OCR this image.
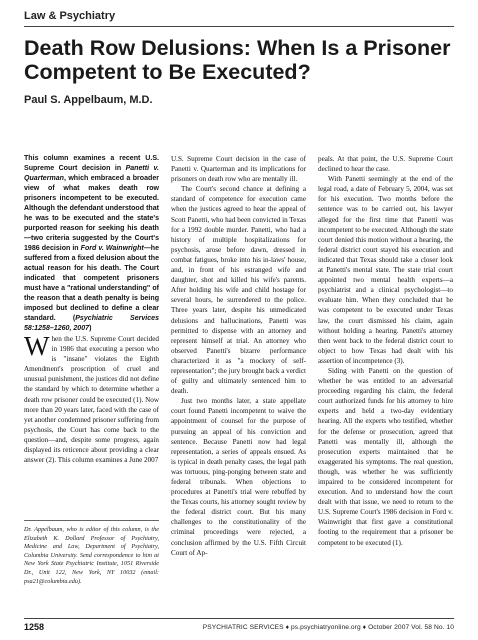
Law & Psychiatry
Death Row Delusions: When Is a Prisoner Competent to Be Executed?
Paul S. Appelbaum, M.D.

This column examines a recent U.S. Supreme Court decision in Panetti v. Quarterman, which embraced a broader view of what makes death row prisoners incompetent to be executed. Although the defendant understood that he was to be executed and the state's purported reason for seeking his death—two criteria suggested by the Court's 1986 decision in Ford v. Wainwright—he suffered from a fixed delusion about the actual reason for his death. The Court indicated that competent prisoners must have a "rational understanding" of the reason that a death penalty is being imposed but declined to define a clear standard. (Psychiatric Services 58:1258–1260, 2007)

When the U.S. Supreme Court decided in 1986 that executing a person who is "insane" violates the Eighth Amendment's proscription of cruel and unusual punishment, the justices did not define the standard by which to determine whether a death row prisoner could be executed (1). Now more than 20 years later, faced with the case of yet another condemned prisoner suffering from psychosis, the Court has come back to the question—and, despite some progress, again displayed its reticence about providing a clear answer (2). This column examines a June 2007

Dr. Appelbaum, who is editor of this column, is the Elizabeth K. Dollard Professor of Psychiatry, Medicine and Law, Department of Psychiatry, Columbia University. Send correspondence to him at New York State Psychiatric Institute, 1051 Riverside Dr., Unit 122, New York, NY 10032 (email: psa21@columbia.edu).

U.S. Supreme Court decision in the case of Panetti v. Quarterman and its implications for prisoners on death row who are mentally ill.

The Court's second chance at defining a standard of competence for execution came when the justices agreed to hear the appeal of Scott Panetti, who had been convicted in Texas for a 1992 double murder. Panetti, who had a history of multiple hospitalizations for psychosis, arose before dawn, dressed in combat fatigues, broke into his in-laws' house, and, in front of his estranged wife and daughter, shot and killed his wife's parents. After holding his wife and child hostage for several hours, he surrendered to the police. Three years later, despite his unmedicated delusions and hallucinations, Panetti was permitted to dispense with an attorney and represent himself at trial. An attorney who observed Panetti's bizarre performance characterized it as "a mockery of self-representation"; the jury brought back a verdict of guilty and ultimately sentenced him to death.

Just two months later, a state appellate court found Panetti incompetent to waive the appointment of counsel for the purpose of pursuing an appeal of his conviction and sentence. Because Panetti now had legal representation, a series of appeals ensued. As is typical in death penalty cases, the legal path was tortuous, ping-ponging between state and federal tribunals. When objections to procedures at Panetti's trial were rebuffed by the Texas courts, his attorney sought review by the federal district court. But his many challenges to the constitutionality of the criminal proceedings were rejected, a conclusion affirmed by the U.S. Fifth Circuit Court of Ap-

peals. At that point, the U.S. Supreme Court declined to hear the case.

With Panetti seemingly at the end of the legal road, a date of February 5, 2004, was set for his execution. Two months before the sentence was to be carried out, his lawyer alleged for the first time that Panetti was incompetent to be executed. Although the state court denied this motion without a hearing, the federal district court stayed his execution and indicated that Texas should take a closer look at Panetti's mental state. The state trial court appointed two mental health experts—a psychiatrist and a clinical psychologist—to evaluate him. When they concluded that he was competent to be executed under Texas law, the court dismissed his claim, again without holding a hearing. Panetti's attorney then went back to the federal district court to object to how Texas had dealt with his assertion of incompetence (3).

Siding with Panetti on the question of whether he was entitled to an adversarial proceeding regarding his claim, the federal court authorized funds for his attorney to hire experts and held a two-day evidentiary hearing. All the experts who testified, whether for the defense or prosecution, agreed that Panetti was mentally ill, although the prosecution experts maintained that he exaggerated his symptoms. The real question, though, was whether he was sufficiently impaired to be considered incompetent for execution. And to understand how the court dealt with that issue, we need to return to the U.S. Supreme Court's 1986 decision in Ford v. Wainwright that first gave a constitutional footing to the requirement that a prisoner be competent to be executed (1).

1258	PSYCHIATRIC SERVICES ♦ ps.psychiatryonline.org ♦ October 2007 Vol. 58 No. 10
